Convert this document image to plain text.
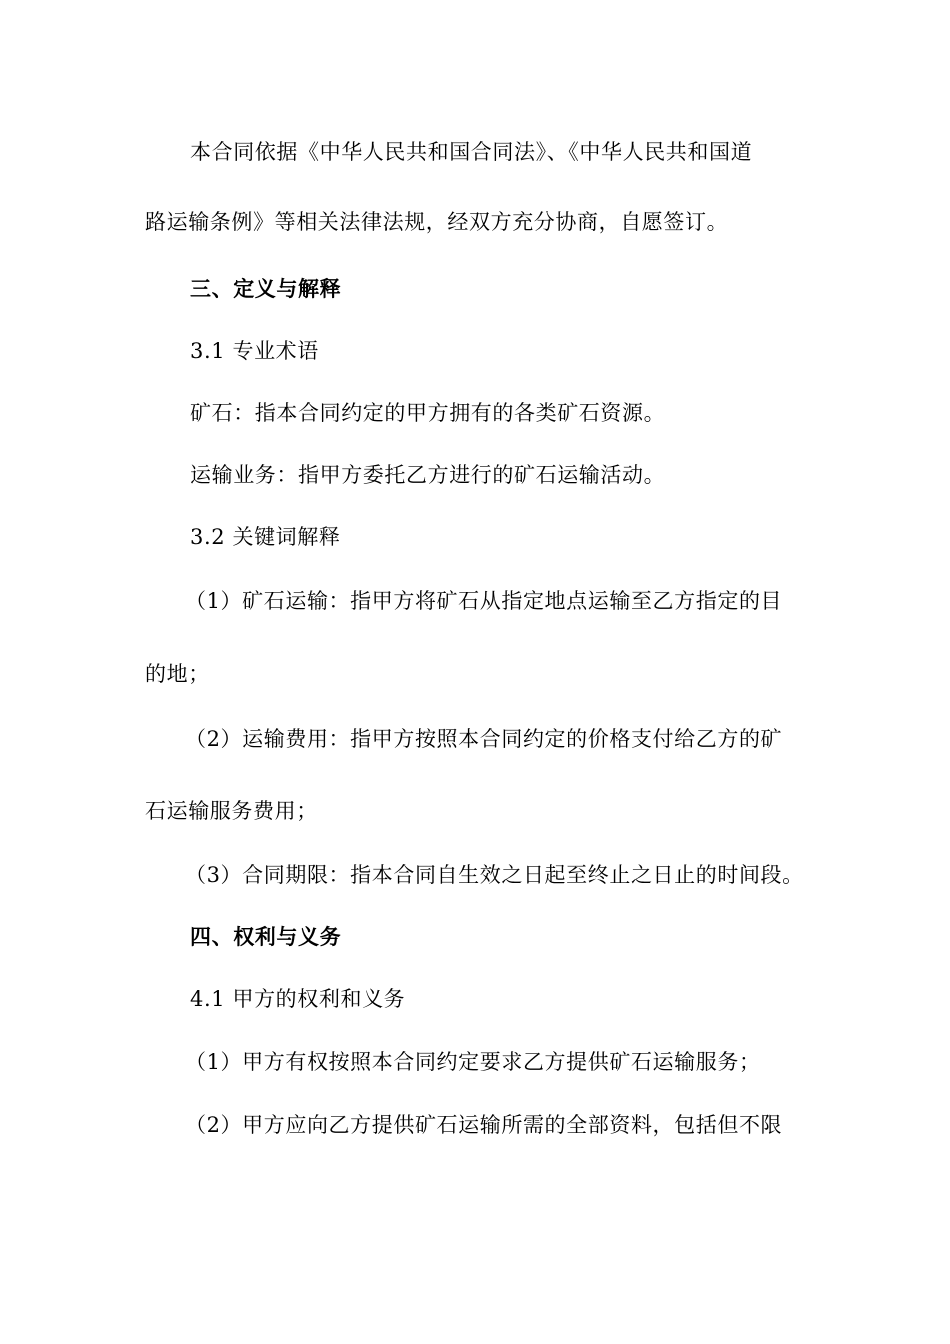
本合同依据《中华人民共和国合同法》、《中华人民共和国道
路运输条例》等相关法律法规，经双方充分协商，自愿签订。
三、定义与解释
3.1 专业术语
矿石：指本合同约定的甲方拥有的各类矿石资源。
运输业务：指甲方委托乙方进行的矿石运输活动。
3.2 关键词解释
（1）矿石运输：指甲方将矿石从指定地点运输至乙方指定的目
的地；
（2）运输费用：指甲方按照本合同约定的价格支付给乙方的矿
石运输服务费用；
（3）合同期限：指本合同自生效之日起至终止之日止的时间段。
四、权利与义务
4.1 甲方的权利和义务
（1）甲方有权按照本合同约定要求乙方提供矿石运输服务；
（2）甲方应向乙方提供矿石运输所需的全部资料，包括但不限
